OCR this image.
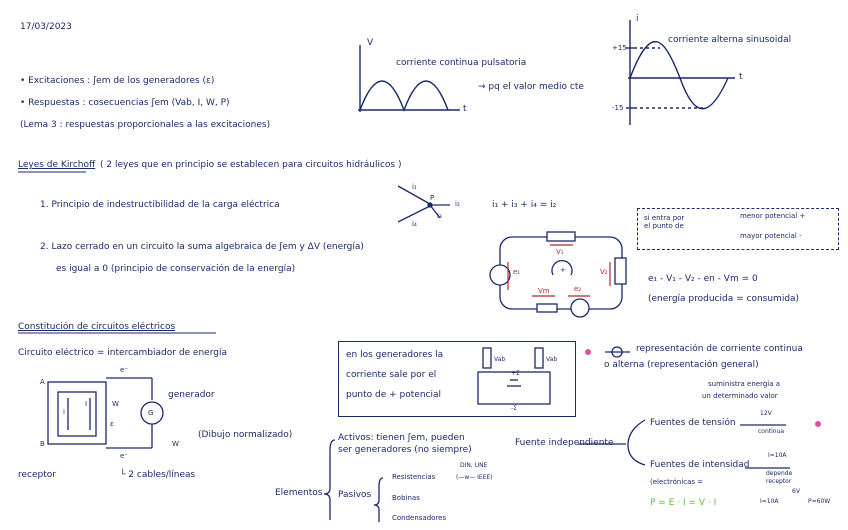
17/03/2023
• Excitaciones : ʃem de los generadores (ε)
• Respuestas : cosecuencias ʃem (Vab, I, W, P)
(Lema 3 : respuestas proporcionales a las excitaciones)
V
t
corriente continua pulsatoria
→ pq el valor medio cte
i
t
corriente alterna sinusoidal
+15
-15
Leyes de Kirchoff ( 2 leyes que en principio se establecen para circuitos hidráulicos )
1. Principio de indestructibilidad de la carga eléctrica
i₁
i₂
i₃
i₄
P
i₁ + i₃ + i₄ = i₂
2. Lazo cerrado en un circuito la suma algebraica de ʃem y ΔV (energía)
es igual a 0 (principio de conservación de la energía)
V₁
V₂
e₁
e₂
Vm
+
si entra por
el punto de
menor potencial +
mayor potencial -
e₁ - V₁ - V₂ - en - Vm = 0
(energía producida = consumida)
Constitución de circuitos eléctricos
Circuito eléctrico = intercambiador de energía
A
B
e⁻
e⁻
i
I	W
ε
G
W
generador
receptor	└ 2 cables/líneas
(Dibujo normalizado)
en los generadores la
corriente sale por el
punto de + potencial
Vab	Vab
+Σ
-Σ
representación de corriente continua
o alterna (representación general)
Elementos
Activos: tienen ʃem, pueden
ser generadores (no siempre)
Fuente independiente
Pasivos
Resistencias
DIN, UNE
(—w— IEEE)
Bobinas
Condensadores
Fuentes de tensión
suministra energía a
un determinado valor
12V
continua
Fuentes de intensidad
I=10A
(electrónicas =
depende
receptor
P = E · I = V · I	I=10A	P=60W
6V
